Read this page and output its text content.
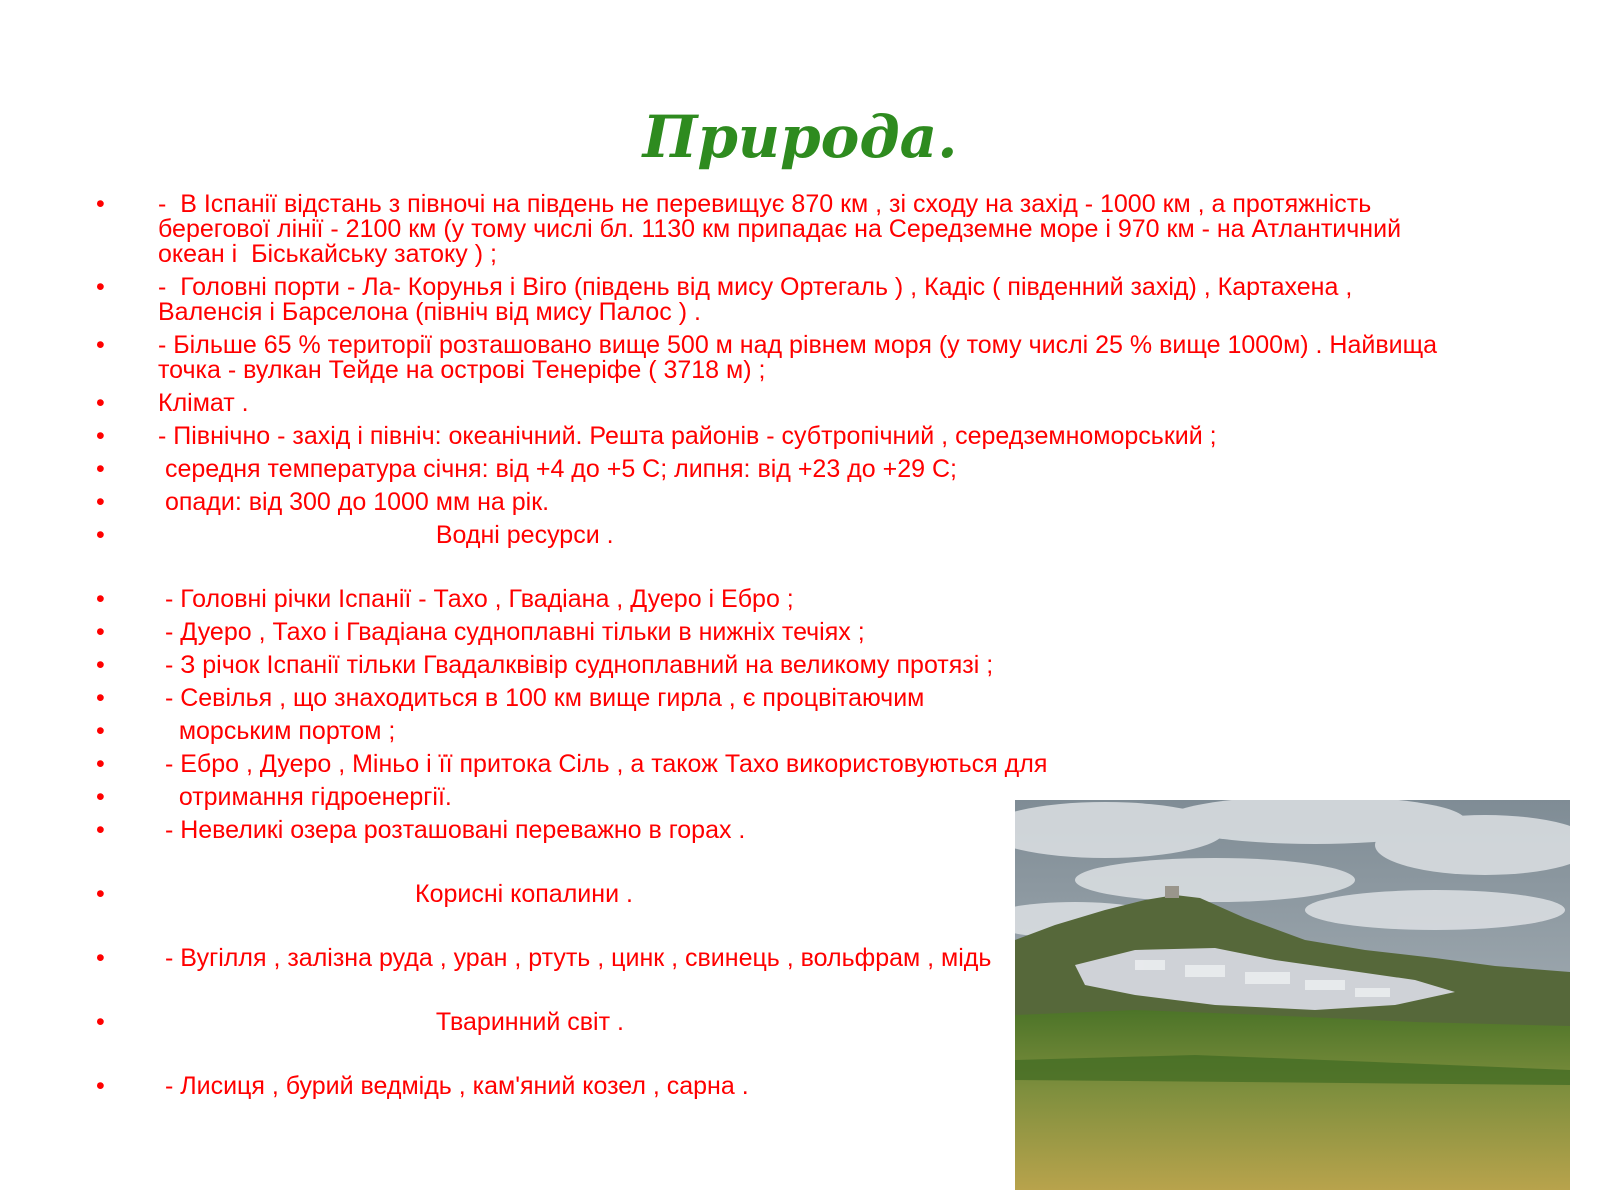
Природа.
• -  В Іспанії відстань з півночі на південь не перевищує 870 км , зі сходу на захід - 1000 км , а протяжність
берегової лінії - 2100 км (у тому числі бл. 1130 км припадає на Середземне море і 970 км - на Атлантичний
океан і  Біськайську затоку ) ;
• -  Головні порти - Ла- Корунья і Віго (південь від мису Ортегаль ) , Кадіс ( південний захід) , Картахена ,
Валенсія і Барселона (північ від мису Палос ) .
• - Більше 65 % території розташовано вище 500 м над рівнем моря (у тому числі 25 % вище 1000м) . Найвища
точка - вулкан Тейде на острові Тенеріфе ( 3718 м) ;
• Клімат .
• - Північно - захід і північ: океанічний. Решта районів - субтропічний , середземноморський ;
• середня температура січня: від +4 до +5 С; липня: від +23 до +29 С;
• опади: від 300 до 1000 мм на рік.
• Водні ресурси .
• - Головні річки Іспанії - Тахо , Гвадіана , Дуеро і Ебро ;
• - Дуеро , Тахо і Гвадіана судноплавні тільки в нижніх течіях ;
• - З річок Іспанії тільки Гвадалквівір судноплавний на великому протязі ;
• - Севілья , що знаходиться в 100 км вище гирла , є процвітаючим
• морським портом ;
• - Ебро , Дуеро , Міньо і її притока Сіль , а також Тахо використовуються для
• отримання гідроенергії.
• - Невеликі озера розташовані переважно в горах .
• Корисні копалини .
• - Вугілля , залізна руда , уран , ртуть , цинк , свинець , вольфрам , мідь
• Тваринний світ .
• - Лисиця , бурий ведмідь , кам'яний козел , сарна .
